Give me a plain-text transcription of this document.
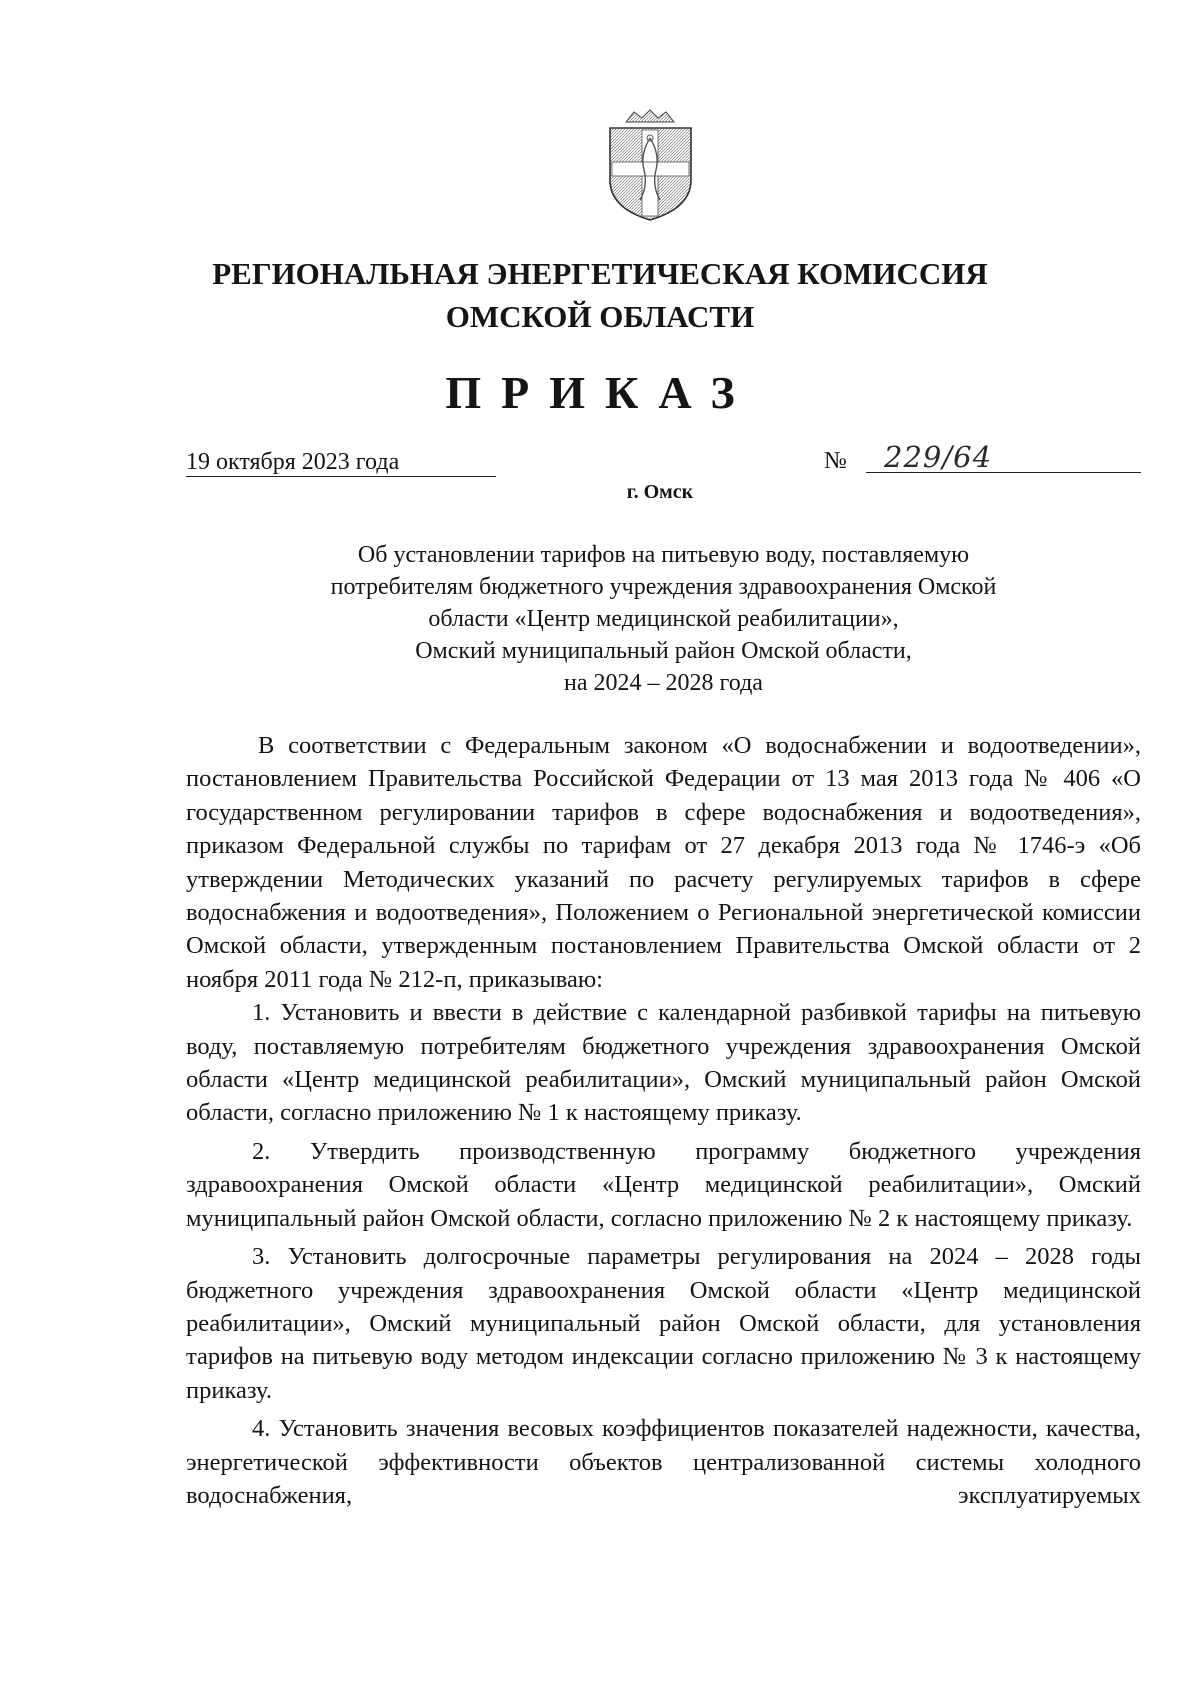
РЕГИОНАЛЬНАЯ ЭНЕРГЕТИЧЕСКАЯ КОМИССИЯ
ОМСКОЙ ОБЛАСТИ
ПРИКАЗ
19 октября 2023 года	№	229/64
г. Омск
Об установлении тарифов на питьевую воду, поставляемую
потребителям бюджетного учреждения здравоохранения Омской
области «Центр медицинской реабилитации»,
Омский муниципальный район Омской области,
на 2024 – 2028 года

В соответствии с Федеральным законом «О водоснабжении и водоотведении», постановлением Правительства Российской Федерации от 13 мая 2013 года № 406 «О государственном регулировании тарифов в сфере водоснабжения и водоотведения», приказом Федеральной службы по тарифам от 27 декабря 2013 года № 1746-э «Об утверждении Методических указаний по расчету регулируемых тарифов в сфере водоснабжения и водоотведения», Положением о Региональной энергетической комиссии Омской области, утвержденным постановлением Правительства Омской области от 2 ноября 2011 года № 212-п, приказываю:

1. Установить и ввести в действие с календарной разбивкой тарифы на питьевую воду, поставляемую потребителям бюджетного учреждения здравоохранения Омской области «Центр медицинской реабилитации», Омский муниципальный район Омской области, согласно приложению № 1 к настоящему приказу.

2. Утвердить производственную программу бюджетного учреждения здравоохранения Омской области «Центр медицинской реабилитации», Омский муниципальный район Омской области, согласно приложению № 2 к настоящему приказу.

3. Установить долгосрочные параметры регулирования на 2024 – 2028 годы бюджетного учреждения здравоохранения Омской области «Центр медицинской реабилитации», Омский муниципальный район Омской области, для установления тарифов на питьевую воду методом индексации согласно приложению № 3 к настоящему приказу.

4. Установить значения весовых коэффициентов показателей надежности, качества, энергетической эффективности объектов централизованной системы холодного водоснабжения, эксплуатируемых
